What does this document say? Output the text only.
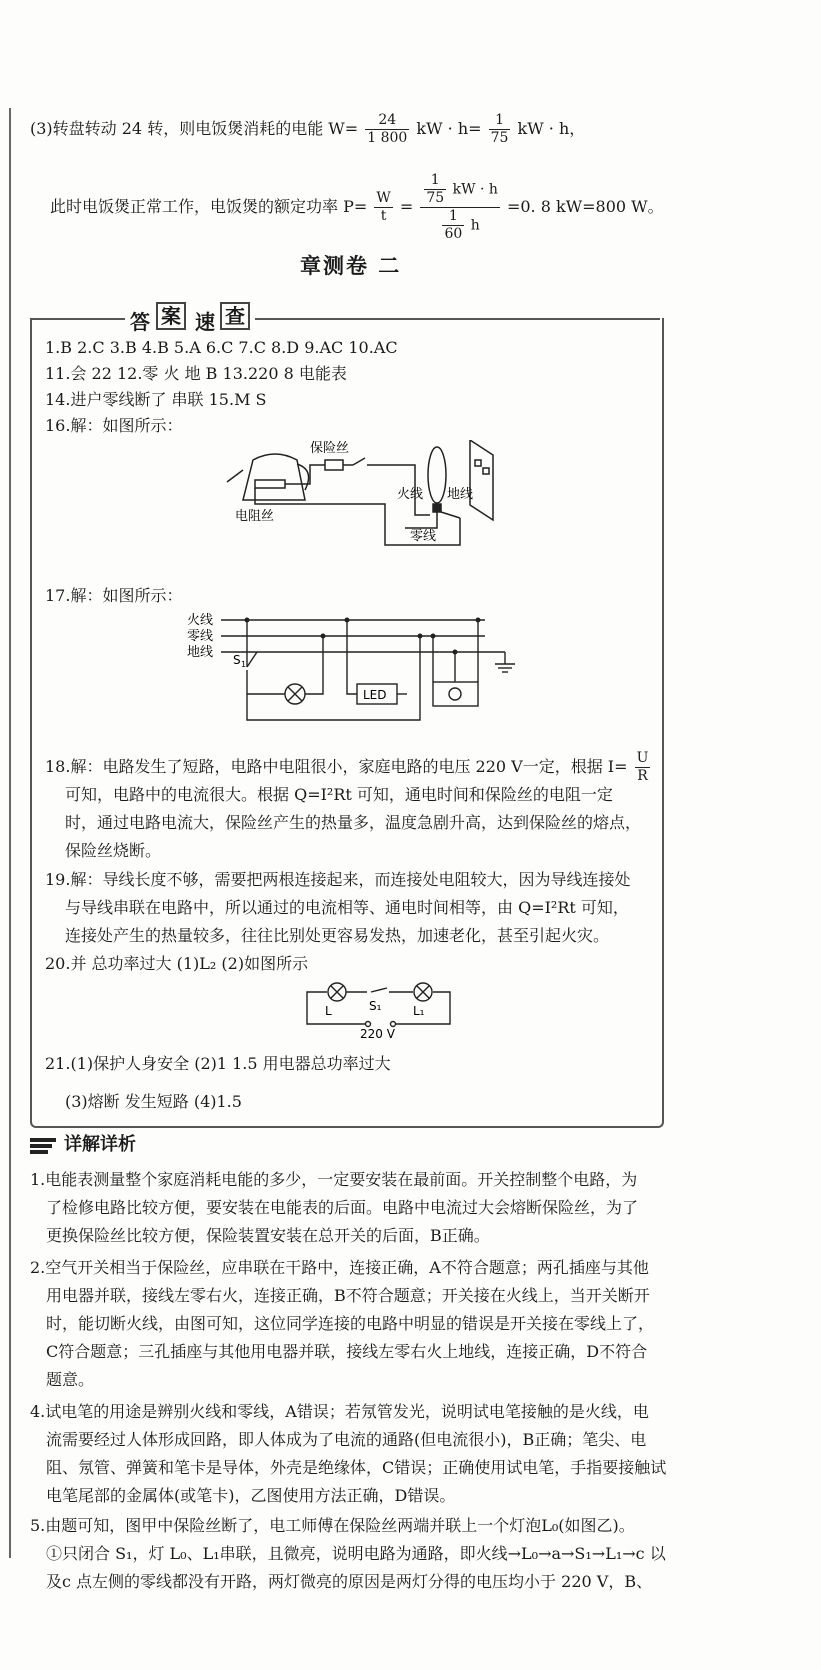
(3)转盘转动 24 转，则电饭煲消耗的电能 $W= \frac{24}{1 800}$ kW · $h= \frac{1}{75}$ kW · h，
此时电饭煲正常工作，电饭煲的额定功率 $P= \frac{W}{t} = \frac{\frac{1}{75} kW \cdot h}{\frac{1}{60} h} =0$. 8 kW=800 W。
章测卷 二
答 案 速 查
1.B 2.C 3.B 4.B 5.A 6.C 7.C 8.D 9.AC 10.AC
11.会 22 12.零 火 地 B 13.220 8 电能表
14.进户零线断了 串联 15.M S
16.解：如图所示：
保险丝
火线 地线
电阻丝
零线
17.解：如图所示：
火线
零线
地线 S 1
LED
18.解：电路发生了短路，电路中电阻很小，家庭电路的电压 220 V一定，根据 $I= \frac{U}{R}$
可知，电路中的电流很大。根据 Q=I²Rt 可知，通电时间和保险丝的电阻一定
时，通过电路电流大，保险丝产生的热量多，温度急剧升高，达到保险丝的熔点，
保险丝烧断。
19.解：导线长度不够，需要把两根连接起来，而连接处电阻较大，因为导线连接处
与导线串联在电路中，所以通过的电流相等、通电时间相等，由 Q=I²Rt 可知，
连接处产生的热量较多，往往比别处更容易发热，加速老化，甚至引起火灾。
20.并 总功率过大 (1)L₂ (2)如图所示
L	S₁	L₁
220 V
21.(1)保护人身安全 (2)1 1.5 用电器总功率过大
(3)熔断 发生短路 (4)1.5
详解详析
1.电能表测量整个家庭消耗电能的多少，一定要安装在最前面。开关控制整个电路，为
了检修电路比较方便，要安装在电能表的后面。电路中电流过大会熔断保险丝，为了
更换保险丝比较方便，保险装置安装在总开关的后面，B正确。
2.空气开关相当于保险丝，应串联在干路中，连接正确，A不符合题意；两孔插座与其他
用电器并联，接线左零右火，连接正确，B不符合题意；开关接在火线上，当开关断开
时，能切断火线，由图可知，这位同学连接的电路中明显的错误是开关接在零线上了，
C符合题意；三孔插座与其他用电器并联，接线左零右火上地线，连接正确，D不符合
题意。
4.试电笔的用途是辨别火线和零线，A错误；若氖管发光，说明试电笔接触的是火线，电
流需要经过人体形成回路，即人体成为了电流的通路(但电流很小)，B正确；笔尖、电
阻、氖管、弹簧和笔卡是导体，外壳是绝缘体，C错误；正确使用试电笔，手指要接触试
电笔尾部的金属体(或笔卡)，乙图使用方法正确，D错误。
5.由题可知，图甲中保险丝断了，电工师傅在保险丝两端并联上一个灯泡L₀(如图乙)。
①只闭合 S₁，灯 L₀、L₁串联，且微亮，说明电路为通路，即火线→L₀→a→S₁→L₁→c 以
及c 点左侧的零线都没有开路，两灯微亮的原因是两灯分得的电压均小于 220 V，B、
